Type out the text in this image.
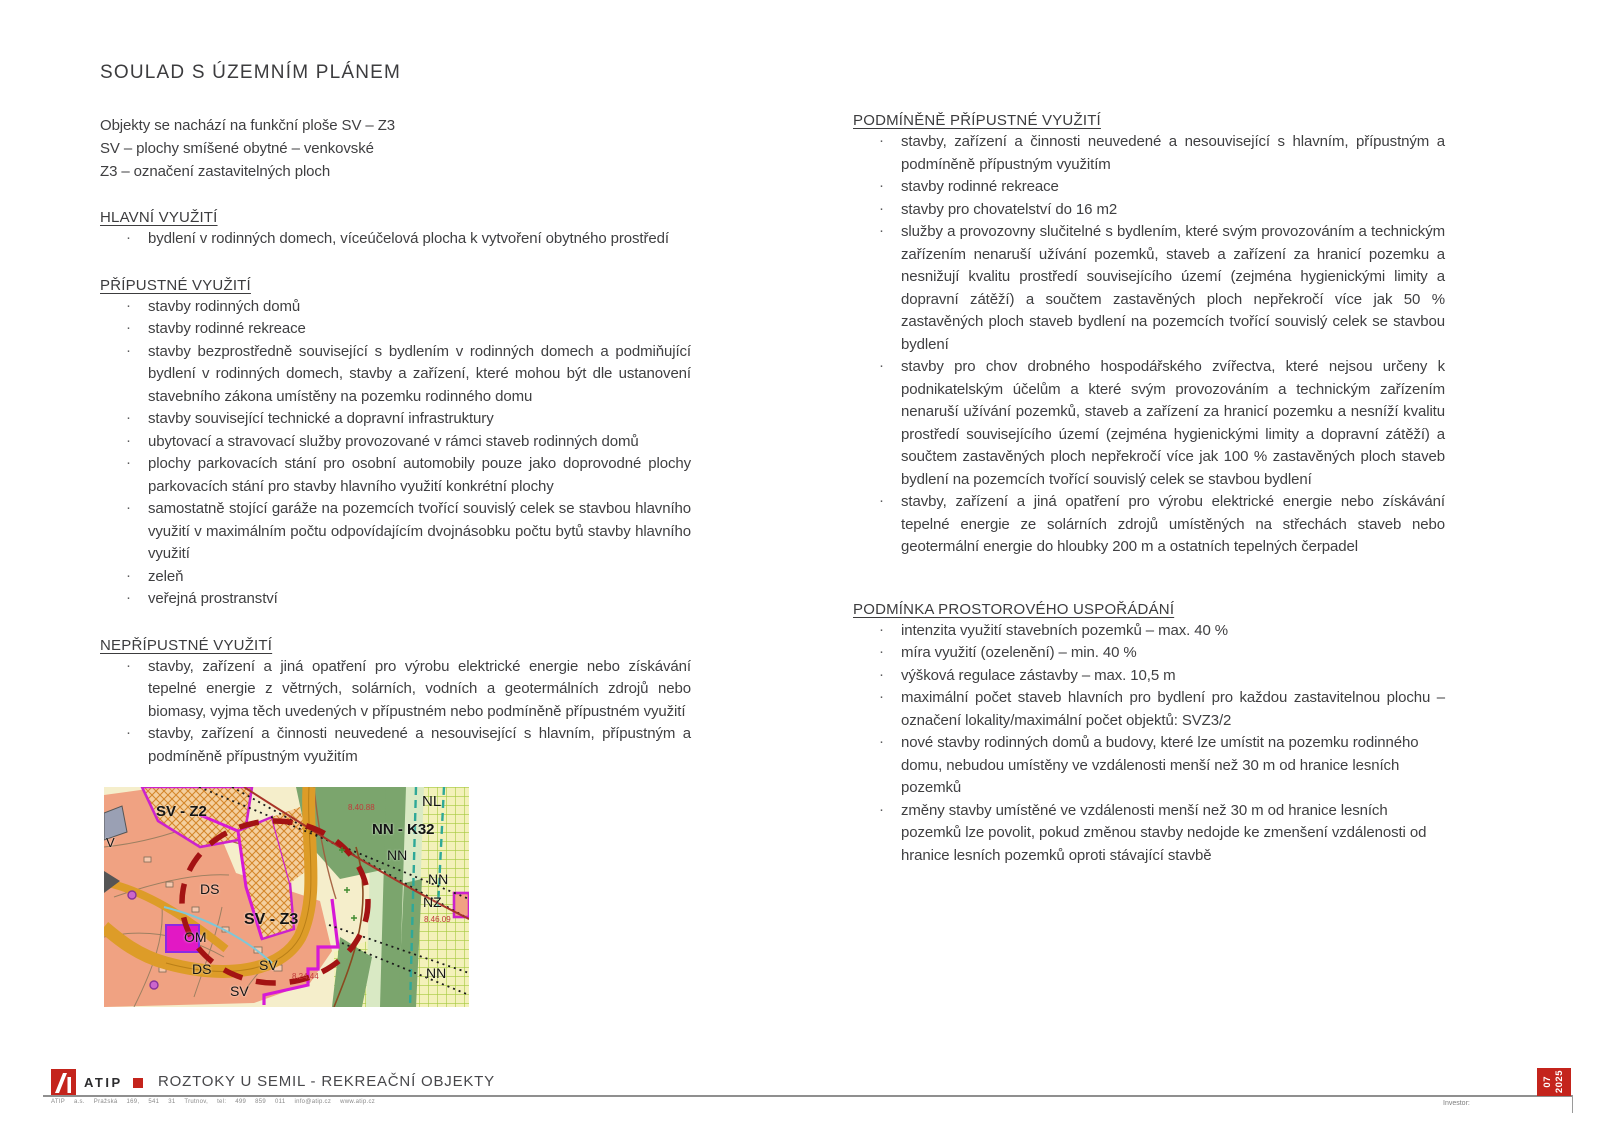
SOULAD S ÚZEMNÍM PLÁNEM

Objekty se nachází na funkční ploše SV – Z3

SV – plochy smíšené obytné – venkovské

Z3 – označení zastavitelných ploch

HLAVNÍ VYUŽITÍ
· bydlení v rodinných domech, víceúčelová plocha k vytvoření obytného prostředí
PŘÍPUSTNÉ VYUŽITÍ
· stavby rodinných domů
· stavby rodinné rekreace
· stavby bezprostředně související s bydlením v rodinných domech a podmiňující bydlení v rodinných domech, stavby a zařízení, které mohou být dle ustanovení stavebního zákona umístěny na pozemku rodinného domu
· stavby související technické a dopravní infrastruktury
· ubytovací a stravovací služby provozované v rámci staveb rodinných domů
· plochy parkovacích stání pro osobní automobily pouze jako doprovodné plochy parkovacích stání pro stavby hlavního využití konkrétní plochy
· samostatně stojící garáže na pozemcích tvořící souvislý celek se stavbou hlavního využití v maximálním počtu odpovídajícím dvojnásobku počtu bytů stavby hlavního využití
· zeleň
· veřejná prostranství
NEPŘÍPUSTNÉ VYUŽITÍ
· stavby, zařízení a jiná opatření pro výrobu elektrické energie nebo získávání tepelné energie z větrných, solárních, vodních a geotermálních zdrojů nebo biomasy, vyjma těch uvedených v přípustném nebo podmíněně přípustném využití
· stavby, zařízení a činnosti neuvedené a nesouvisející s hlavním, přípustným a podmíněně přípustným využitím
SV - Z2
NL
NN - K32
NN
8.40.88
V
DS
SV - Z3
NN
NZ
8.46.09
OM
DS	SV
8.24.44
SV
NN
PODMÍNĚNĚ PŘÍPUSTNÉ VYUŽITÍ
· stavby, zařízení a činnosti neuvedené a nesouvisející s hlavním, přípustným a podmíněně přípustným využitím
· stavby rodinné rekreace
· stavby pro chovatelství do 16 m2
· služby a provozovny slučitelné s bydlením, které svým provozováním a technickým zařízením nenaruší užívání pozemků, staveb a zařízení za hranicí pozemku a nesnižují kvalitu prostředí souvisejícího území (zejména hygienickými limity a dopravní zátěží) a součtem zastavěných ploch nepřekročí více jak 50 % zastavěných ploch staveb bydlení na pozemcích tvořící souvislý celek se stavbou bydlení
· stavby pro chov drobného hospodářského zvířectva, které nejsou určeny k podnikatelským účelům a které svým provozováním a technickým zařízením nenaruší užívání pozemků, staveb a zařízení za hranicí pozemku a nesníží kvalitu prostředí souvisejícího území (zejména hygienickými limity a dopravní zátěží) a součtem zastavěných ploch nepřekročí více jak 100 % zastavěných ploch staveb bydlení na pozemcích tvořící souvislý celek se stavbou bydlení
· stavby, zařízení a jiná opatření pro výrobu elektrické energie nebo získávání tepelné energie ze solárních zdrojů umístěných na střechách staveb nebo geotermální energie do hloubky 200 m a ostatních tepelných čerpadel
PODMÍNKA PROSTOROVÉHO USPOŘÁDÁNÍ
· intenzita využití stavebních pozemků – max. 40 %
· míra využití (ozelenění) – min. 40 %
· výšková regulace zástavby – max. 10,5 m
· maximální počet staveb hlavních pro bydlení pro každou zastavitelnou plochu – označení lokality/maximální počet objektů: SVZ3/2
· nové stavby rodinných domů a budovy, které lze umístit na pozemku rodinného domu, nebudou umístěny ve vzdálenosti menší než 30 m od hranice lesních pozemků
· změny stavby umístěné ve vzdálenosti menší než 30 m od hranice lesních pozemků lze povolit, pokud změnou stavby nedojde ke zmenšení vzdálenosti od hranice lesních pozemků oproti stávající stavbě
ATIP ROZTOKY U SEMIL - REKREAČNÍ OBJEKTY
ATIP a.s. Pražská 169, 541 31 Trutnov, tel: 499 859 011 info@atip.cz www.atip.cz	Investor:
07 2025
